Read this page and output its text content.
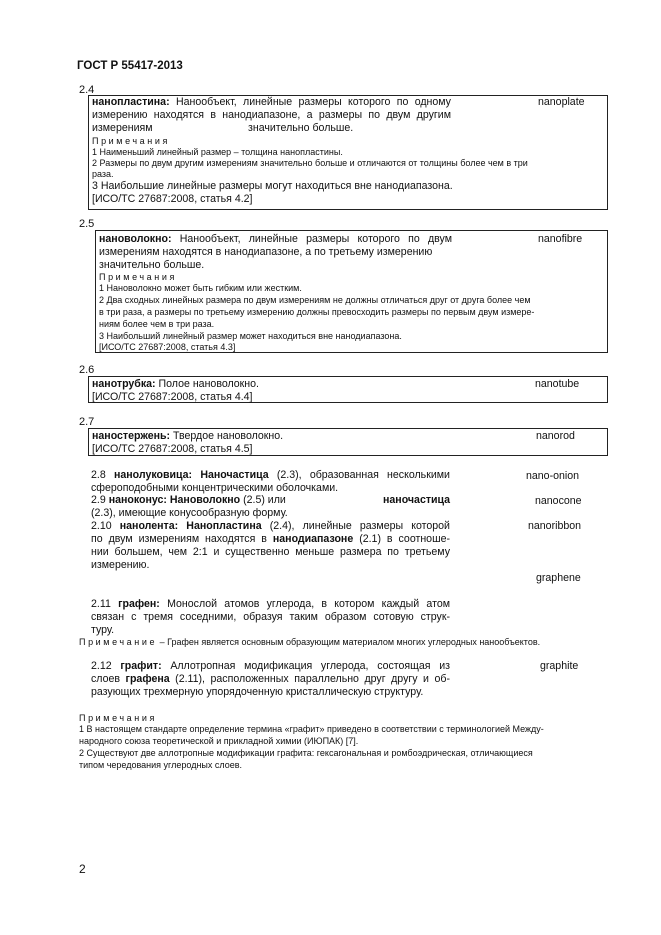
ГОСТ Р 55417-2013
2.4
нанопластина: Нанообъект, линейные размеры которого по одному
измерению находятся в нанодиапазоне, а размеры по двум другим
измерениям	значительно больше.
nanoplate
Примечания
1 Наименьший линейный размер – толщина нанопластины.
2 Размеры по двум другим измерениям значительно больше и отличаются от толщины более чем в три
раза.
3 Наибольшие линейные размеры могут находиться вне нанодиапазона.
[ИСО/ТС 27687:2008, статья 4.2]
2.5
нановолокно: Нанообъект, линейные размеры которого по двум
измерениям находятся в нанодиапазоне, а по третьему измерению
значительно больше.
nanofibre
Примечания
1 Нановолокно может быть гибким или жестким.
2 Два сходных линейных размера по двум измерениям не должны отличаться друг от друга более чем
в три раза, а размеры по третьему измерению должны превосходить размеры по первым двум измере-
ниям более чем в три раза.
3 Наибольший линейный размер может находиться вне нанодиапазона.
[ИСО/ТС 27687:2008, статья 4.3]
2.6
нанотрубка: Полое нановолокно.	nanotube
[ИСО/ТС 27687:2008, статья 4.4]
2.7
наностержень: Твердое нановолокно.	nanorod
[ИСО/ТС 27687:2008, статья 4.5]
2.8 нанолуковица: Наночастица (2.3), образованная несколькими
сфероподобными концентрическими оболочками.
nano-onion
2.9 наноконус: Нановолокно (2.5) или	наночастица
(2.3), имеющие конусообразную форму.
nanocone
2.10 нанолента: Нанопластина (2.4), линейные размеры которой
по двум измерениям находятся в нанодиапазоне (2.1) в соотноше-
нии большем, чем 2:1 и существенно меньше размера по третьему
измерению.
nanoribbon
graphene
2.11 графен: Монослой атомов углерода, в котором каждый атом
связан с тремя соседними, образуя таким образом сотовую струк-
туру.
Примечание – Графен является основным образующим материалом многих углеродных нанообъектов.
2.12 графит: Аллотропная модификация углерода, состоящая из
слоев графена (2.11), расположенных параллельно друг другу и об-
разующих трехмерную упорядоченную кристаллическую структуру.
graphite
Примечания
1 В настоящем стандарте определение термина «графит» приведено в соответствии с терминологией Между-
народного союза теоретической и прикладной химии (ИЮПАК) [7].
2 Существуют две аллотропные модификации графита: гексагональная и ромбоэдрическая, отличающиеся
типом чередования углеродных слоев.
2
